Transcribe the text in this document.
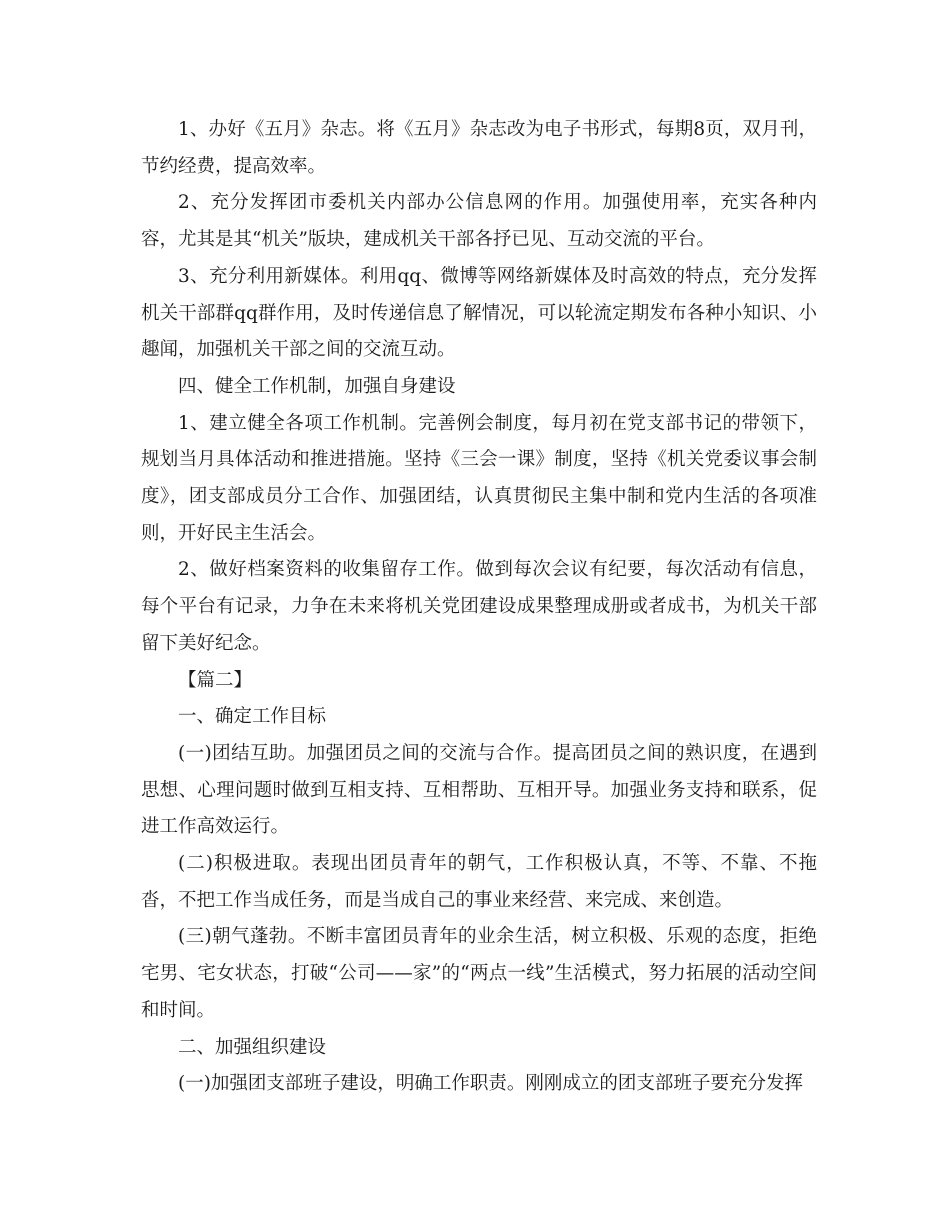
1、办好《五月》杂志。将《五月》杂志改为电子书形式，每期8页，双月刊，节约经费，提高效率。

2、充分发挥团市委机关内部办公信息网的作用。加强使用率，充实各种内容，尤其是其“机关”版块，建成机关干部各抒已见、互动交流的平台。

3、充分利用新媒体。利用qq、微博等网络新媒体及时高效的特点，充分发挥机关干部群qq群作用，及时传递信息了解情况，可以轮流定期发布各种小知识、小趣闻，加强机关干部之间的交流互动。

四、健全工作机制，加强自身建设

1、建立健全各项工作机制。完善例会制度，每月初在党支部书记的带领下，规划当月具体活动和推进措施。坚持《三会一课》制度，坚持《机关党委议事会制度》，团支部成员分工合作、加强团结，认真贯彻民主集中制和党内生活的各项准则，开好民主生活会。

2、做好档案资料的收集留存工作。做到每次会议有纪要，每次活动有信息，每个平台有记录，力争在未来将机关党团建设成果整理成册或者成书，为机关干部留下美好纪念。

【篇二】

一、确定工作目标

(一)团结互助。加强团员之间的交流与合作。提高团员之间的熟识度，在遇到思想、心理问题时做到互相支持、互相帮助、互相开导。加强业务支持和联系，促进工作高效运行。

(二)积极进取。表现出团员青年的朝气，工作积极认真，不等、不靠、不拖沓，不把工作当成任务，而是当成自己的事业来经营、来完成、来创造。

(三)朝气蓬勃。不断丰富团员青年的业余生活，树立积极、乐观的态度，拒绝宅男、宅女状态，打破“公司——家”的“两点一线”生活模式，努力拓展的活动空间和时间。

二、加强组织建设

(一)加强团支部班子建设，明确工作职责。刚刚成立的团支部班子要充分发挥
